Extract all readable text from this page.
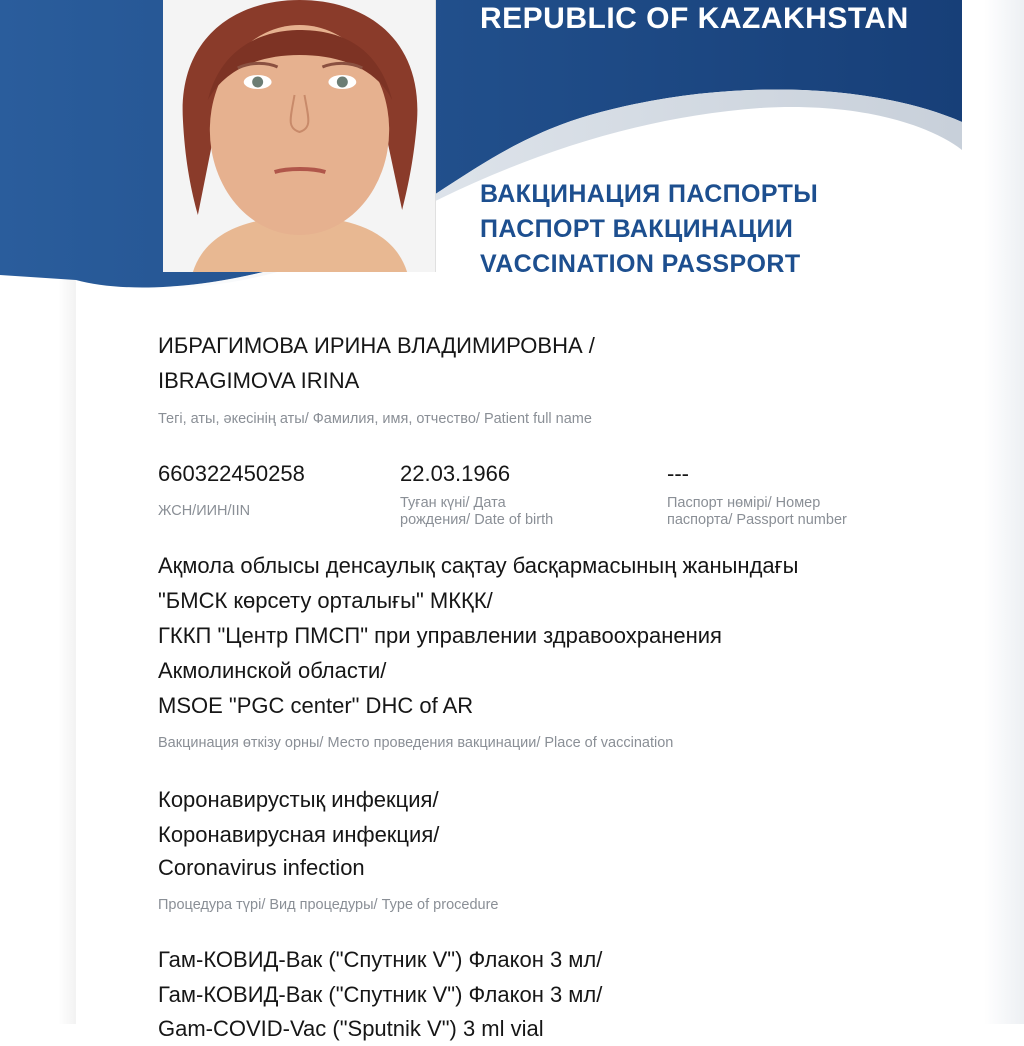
REPUBLIC OF KAZAKHSTAN
ВАКЦИНАЦИЯ ПАСПОРТЫ
ПАСПОРТ ВАКЦИНАЦИИ
VACCINATION PASSPORT
ИБРАГИМОВА ИРИНА ВЛАДИМИРОВНА /
IBRAGIMOVA IRINA
Тегі, аты, әкесінің аты/ Фамилия, имя, отчество/ Patient full name
660322450258
ЖСН/ИИН/IIN
22.03.1966
Туған күні/ Дата
рождения/ Date of birth
---
Паспорт нөмірі/ Номер
паспорта/ Passport number
Ақмола облысы денсаулық сақтау басқармасының жанындағы
"БМСК көрсету орталығы" МКҚК/
ГККП "Центр ПМСП" при управлении здравоохранения
Акмолинской области/
MSOE "PGC center" DHC of AR
Вакцинация өткізу орны/ Место проведения вакцинации/ Place of vaccination
Коронавирустық инфекция/
Коронавирусная инфекция/
Coronavirus infection
Процедура түрі/ Вид процедуры/ Type of procedure
Гам-КОВИД-Вак ("Спутник V") Флакон 3 мл/
Гам-КОВИД-Вак ("Спутник V") Флакон 3 мл/
Gam-COVID-Vac ("Sputnik V") 3 ml vial
